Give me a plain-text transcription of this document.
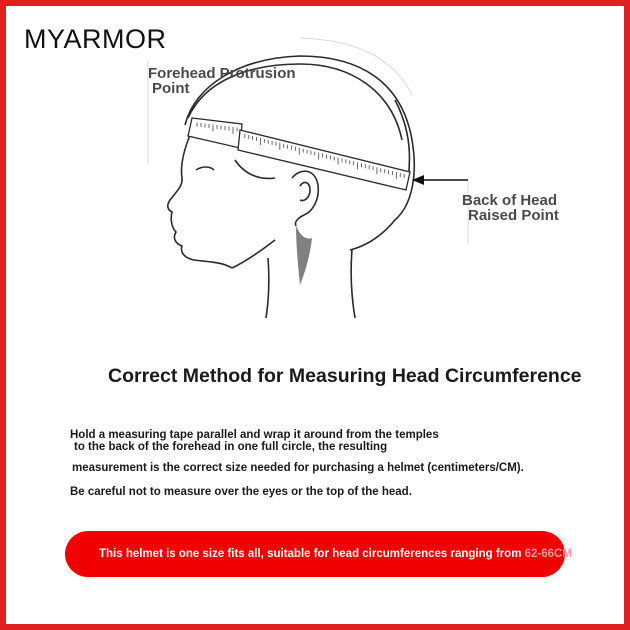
MYARMOR
Forehead Protrusion
Point
Back of Head
Raised Point
Correct Method for Measuring Head Circumference
Hold a measuring tape parallel and wrap it around from the temples
to the back of the forehead in one full circle, the resulting
measurement is the correct size needed for purchasing a helmet (centimeters/CM).
Be careful not to measure over the eyes or the top of the head.
This helmet is one size fits all, suitable for head circumferences ranging from 62-66CM
